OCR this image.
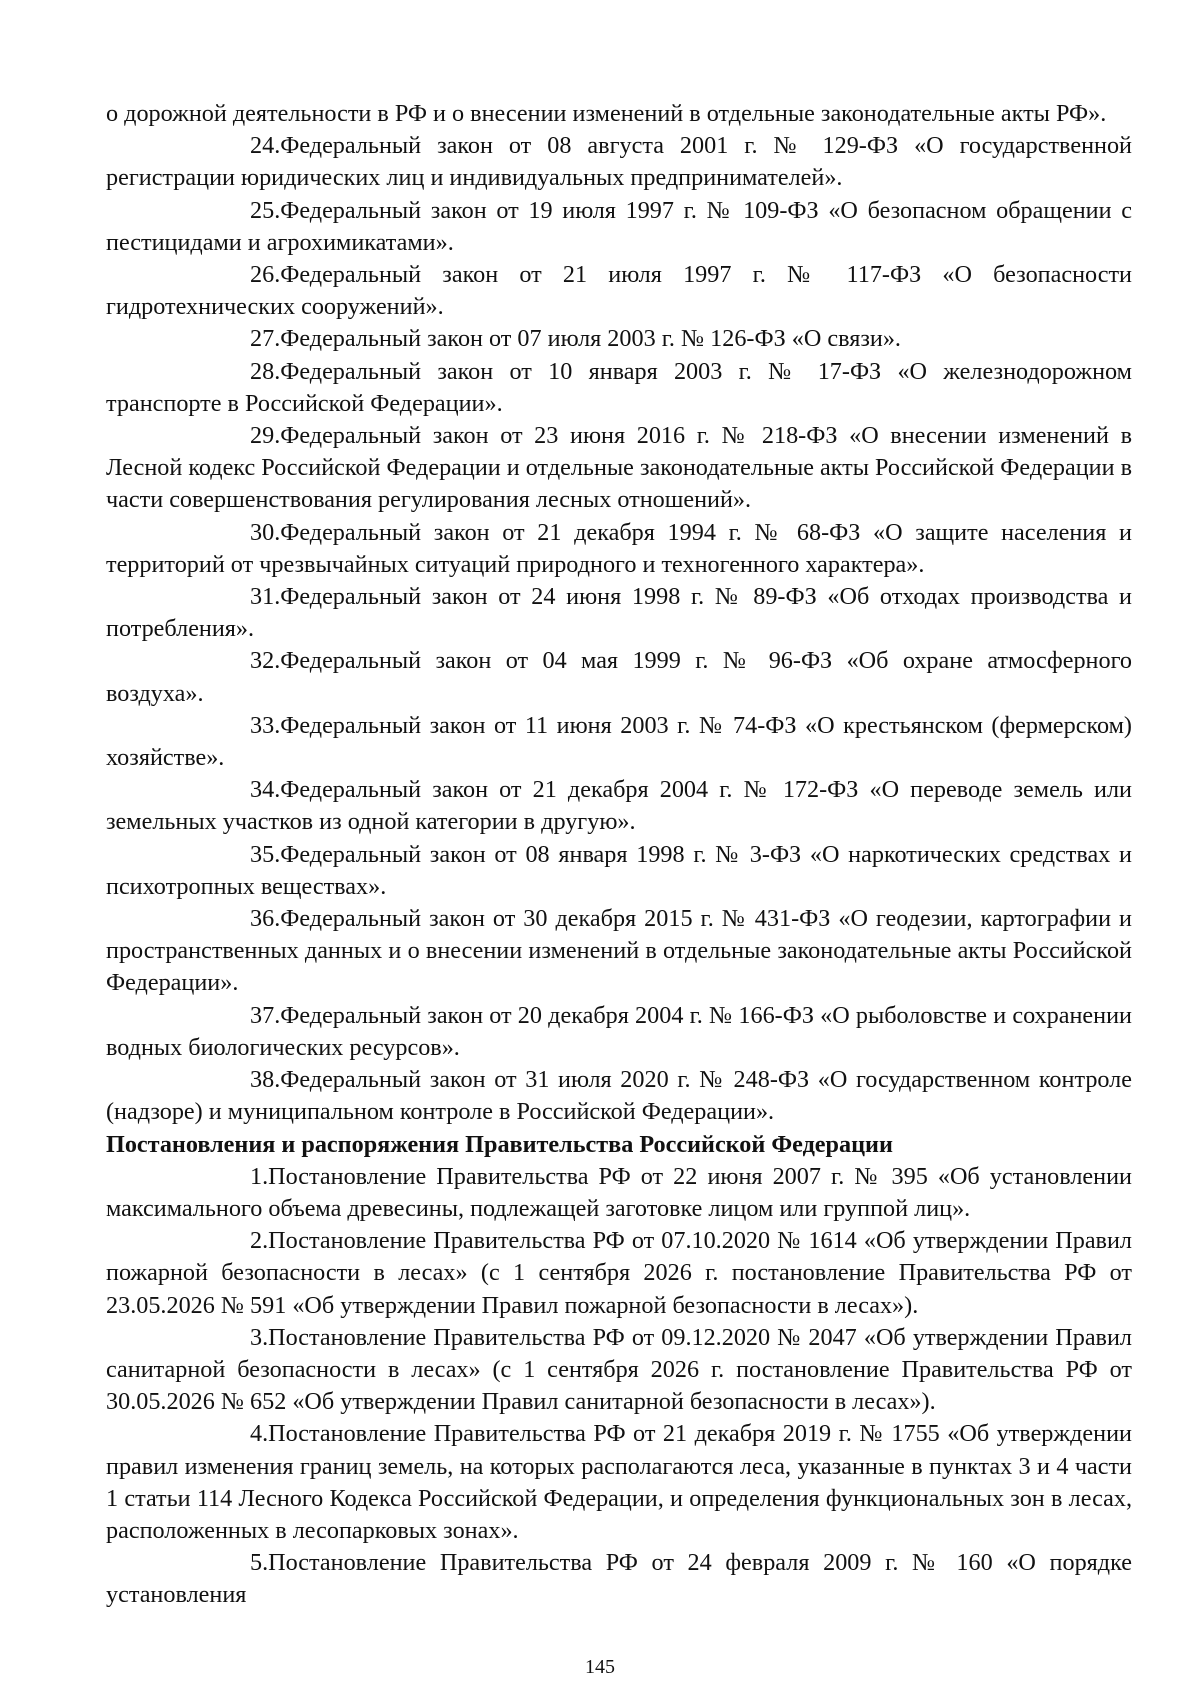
о дорожной деятельности в РФ и о внесении изменений в отдельные законодательные акты РФ».

24.Федеральный закон от 08 августа 2001 г. № 129-ФЗ «О государственной регистрации юридических лиц и индивидуальных предпринимателей».

25.Федеральный закон от 19 июля 1997 г. № 109-ФЗ «О безопасном обращении с пестицидами и агрохимикатами».

26.Федеральный закон от 21 июля 1997 г. № 117-ФЗ «О безопасности гидротехнических сооружений».

27.Федеральный закон от 07 июля 2003 г. № 126-ФЗ «О связи».

28.Федеральный закон от 10 января 2003 г. № 17-ФЗ «О железнодорожном транспорте в Российской Федерации».

29.Федеральный закон от 23 июня 2016 г. № 218-ФЗ «О внесении изменений в Лесной кодекс Российской Федерации и отдельные законодательные акты Российской Федерации в части совершенствования регулирования лесных отношений».

30.Федеральный закон от 21 декабря 1994 г. № 68-ФЗ «О защите населения и территорий от чрезвычайных ситуаций природного и техногенного характера».

31.Федеральный закон от 24 июня 1998 г. № 89-ФЗ «Об отходах производства и потребления».

32.Федеральный закон от 04 мая 1999 г. № 96-ФЗ «Об охране атмосферного воздуха».

33.Федеральный закон от 11 июня 2003 г. № 74-ФЗ «О крестьянском (фермерском) хозяйстве».

34.Федеральный закон от 21 декабря 2004 г. № 172-ФЗ «О переводе земель или земельных участков из одной категории в другую».

35.Федеральный закон от 08 января 1998 г. № 3-ФЗ «О наркотических средствах и психотропных веществах».

36.Федеральный закон от 30 декабря 2015 г. № 431-ФЗ «О геодезии, картографии и пространственных данных и о внесении изменений в отдельные законодательные акты Российской Федерации».

37.Федеральный закон от 20 декабря 2004 г. № 166-ФЗ «О рыболовстве и сохранении водных биологических ресурсов».

38.Федеральный закон от 31 июля 2020 г. № 248-ФЗ «О государственном контроле (надзоре) и муниципальном контроле в Российской Федерации».

Постановления и распоряжения Правительства Российской Федерации

1.Постановление Правительства РФ от 22 июня 2007 г. № 395 «Об установлении максимального объема древесины, подлежащей заготовке лицом или группой лиц».

2.Постановление Правительства РФ от 07.10.2020 № 1614 «Об утверждении Правил пожарной безопасности в лесах» (с 1 сентября 2026 г. постановление Правительства РФ от 23.05.2026 № 591 «Об утверждении Правил пожарной безопасности в лесах»).

3.Постановление Правительства РФ от 09.12.2020 № 2047 «Об утверждении Правил санитарной безопасности в лесах» (с 1 сентября 2026 г. постановление Правительства РФ от 30.05.2026 № 652 «Об утверждении Правил санитарной безопасности в лесах»).

4.Постановление Правительства РФ от 21 декабря 2019 г. № 1755 «Об утверждении правил изменения границ земель, на которых располагаются леса, указанные в пунктах 3 и 4 части 1 статьи 114 Лесного Кодекса Российской Федерации, и определения функциональных зон в лесах, расположенных в лесопарковых зонах».

5.Постановление Правительства РФ от 24 февраля 2009 г. № 160 «О порядке установления

145
